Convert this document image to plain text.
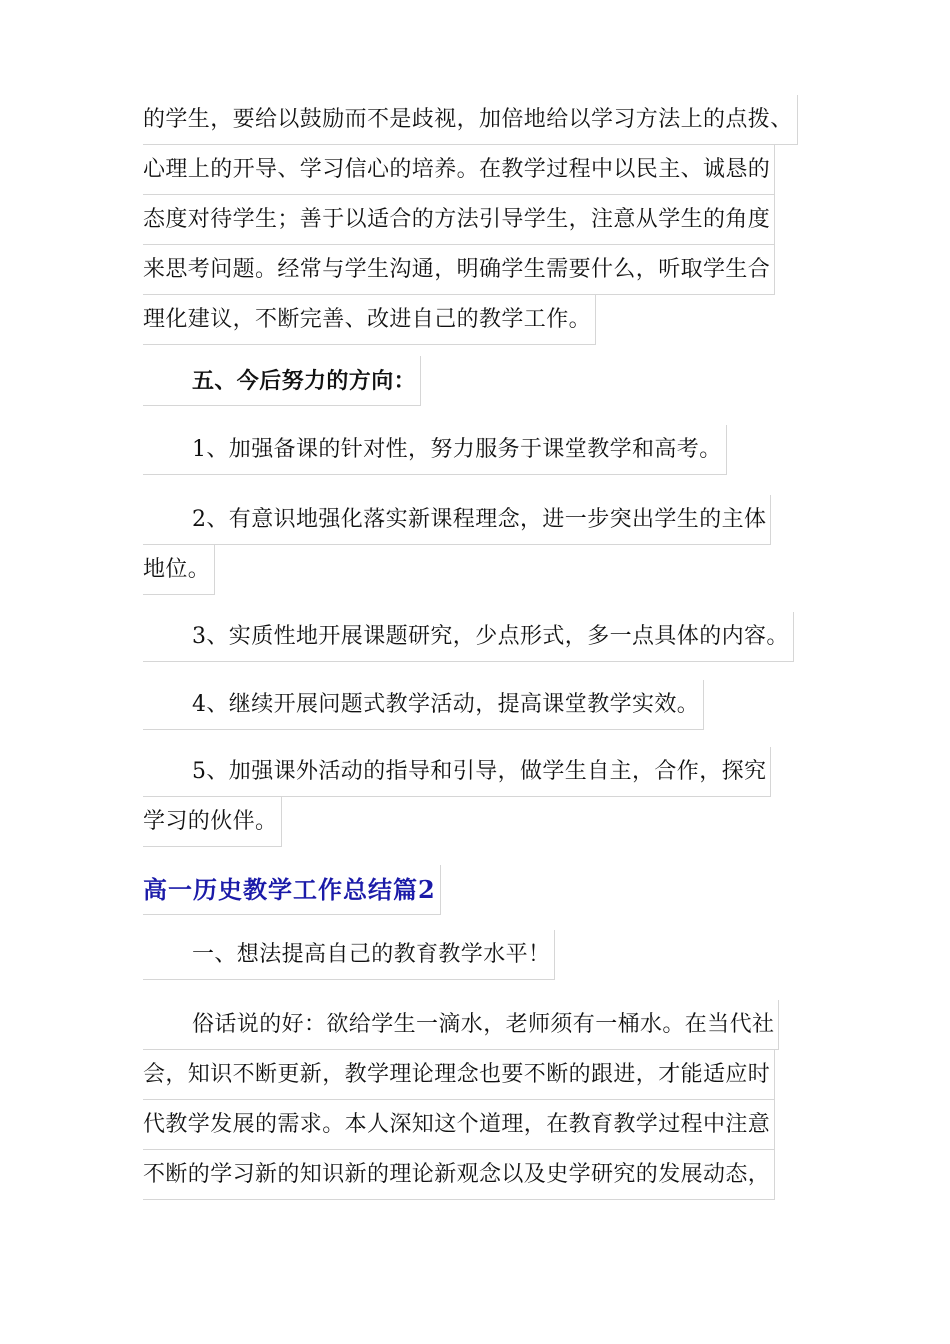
的学生，要给以鼓励而不是歧视，加倍地给以学习方法上的点拨、
心理上的开导、学习信心的培养。在教学过程中以民主、诚恳的
态度对待学生；善于以适合的方法引导学生，注意从学生的角度
来思考问题。经常与学生沟通，明确学生需要什么，听取学生合
理化建议，不断完善、改进自己的教学工作。
五、今后努力的方向：
1、加强备课的针对性，努力服务于课堂教学和高考。
2、有意识地强化落实新课程理念，进一步突出学生的主体
地位。
3、实质性地开展课题研究，少点形式，多一点具体的内容。
4、继续开展问题式教学活动，提高课堂教学实效。
5、加强课外活动的指导和引导，做学生自主，合作，探究
学习的伙伴。
高一历史教学工作总结篇2
一、想法提高自己的教育教学水平！
俗话说的好：欲给学生一滴水，老师须有一桶水。在当代社
会，知识不断更新，教学理论理念也要不断的跟进，才能适应时
代教学发展的需求。本人深知这个道理，在教育教学过程中注意
不断的学习新的知识新的理论新观念以及史学研究的发展动态，
